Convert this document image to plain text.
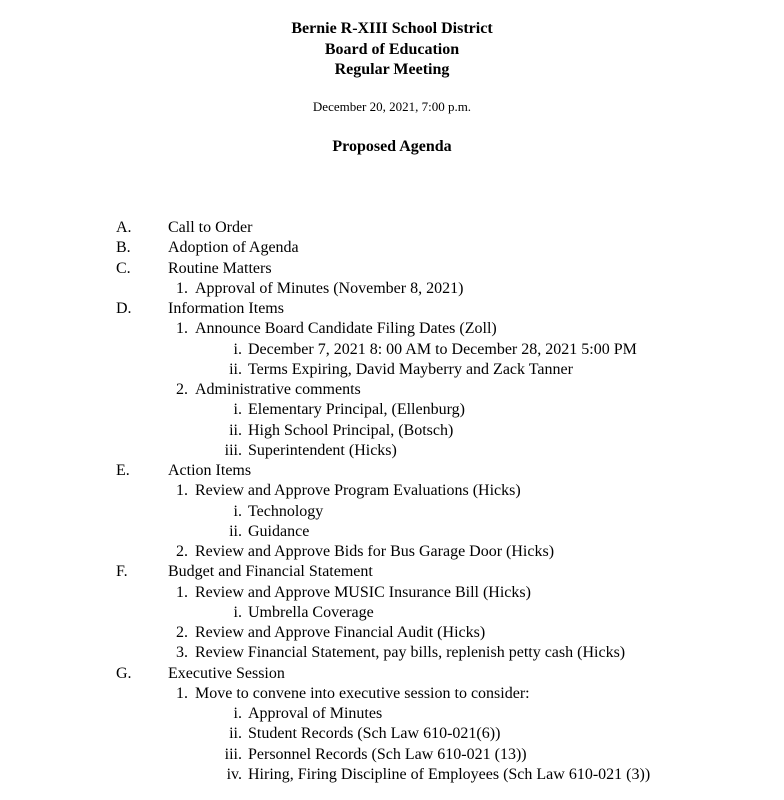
Bernie R-XIII School District

Board of Education

Regular Meeting

December 20, 2021, 7:00 p.m.
Proposed Agenda
A. Call to Order
B. Adoption of Agenda
C. Routine Matters
1. Approval of Minutes (November 8, 2021)
D. Information Items
1. Announce Board Candidate Filing Dates (Zoll)
i. December 7, 2021 8: 00 AM to December 28, 2021 5:00 PM
ii. Terms Expiring, David Mayberry and Zack Tanner
2. Administrative comments
i. Elementary Principal, (Ellenburg)
ii. High School Principal, (Botsch)
iii. Superintendent (Hicks)
E. Action Items
1. Review and Approve Program Evaluations (Hicks)
i. Technology
ii. Guidance
2. Review and Approve Bids for Bus Garage Door (Hicks)
F.	Budget and Financial Statement
1. Review and Approve MUSIC Insurance Bill (Hicks)
i. Umbrella Coverage
2. Review and Approve Financial Audit (Hicks)
3. Review Financial Statement, pay bills, replenish petty cash (Hicks)
G. Executive Session
1. Move to convene into executive session to consider:
i. Approval of Minutes
ii. Student Records (Sch Law 610-021(6))
iii. Personnel Records (Sch Law 610-021 (13))
iv. Hiring, Firing Discipline of Employees (Sch Law 610-021 (3))
